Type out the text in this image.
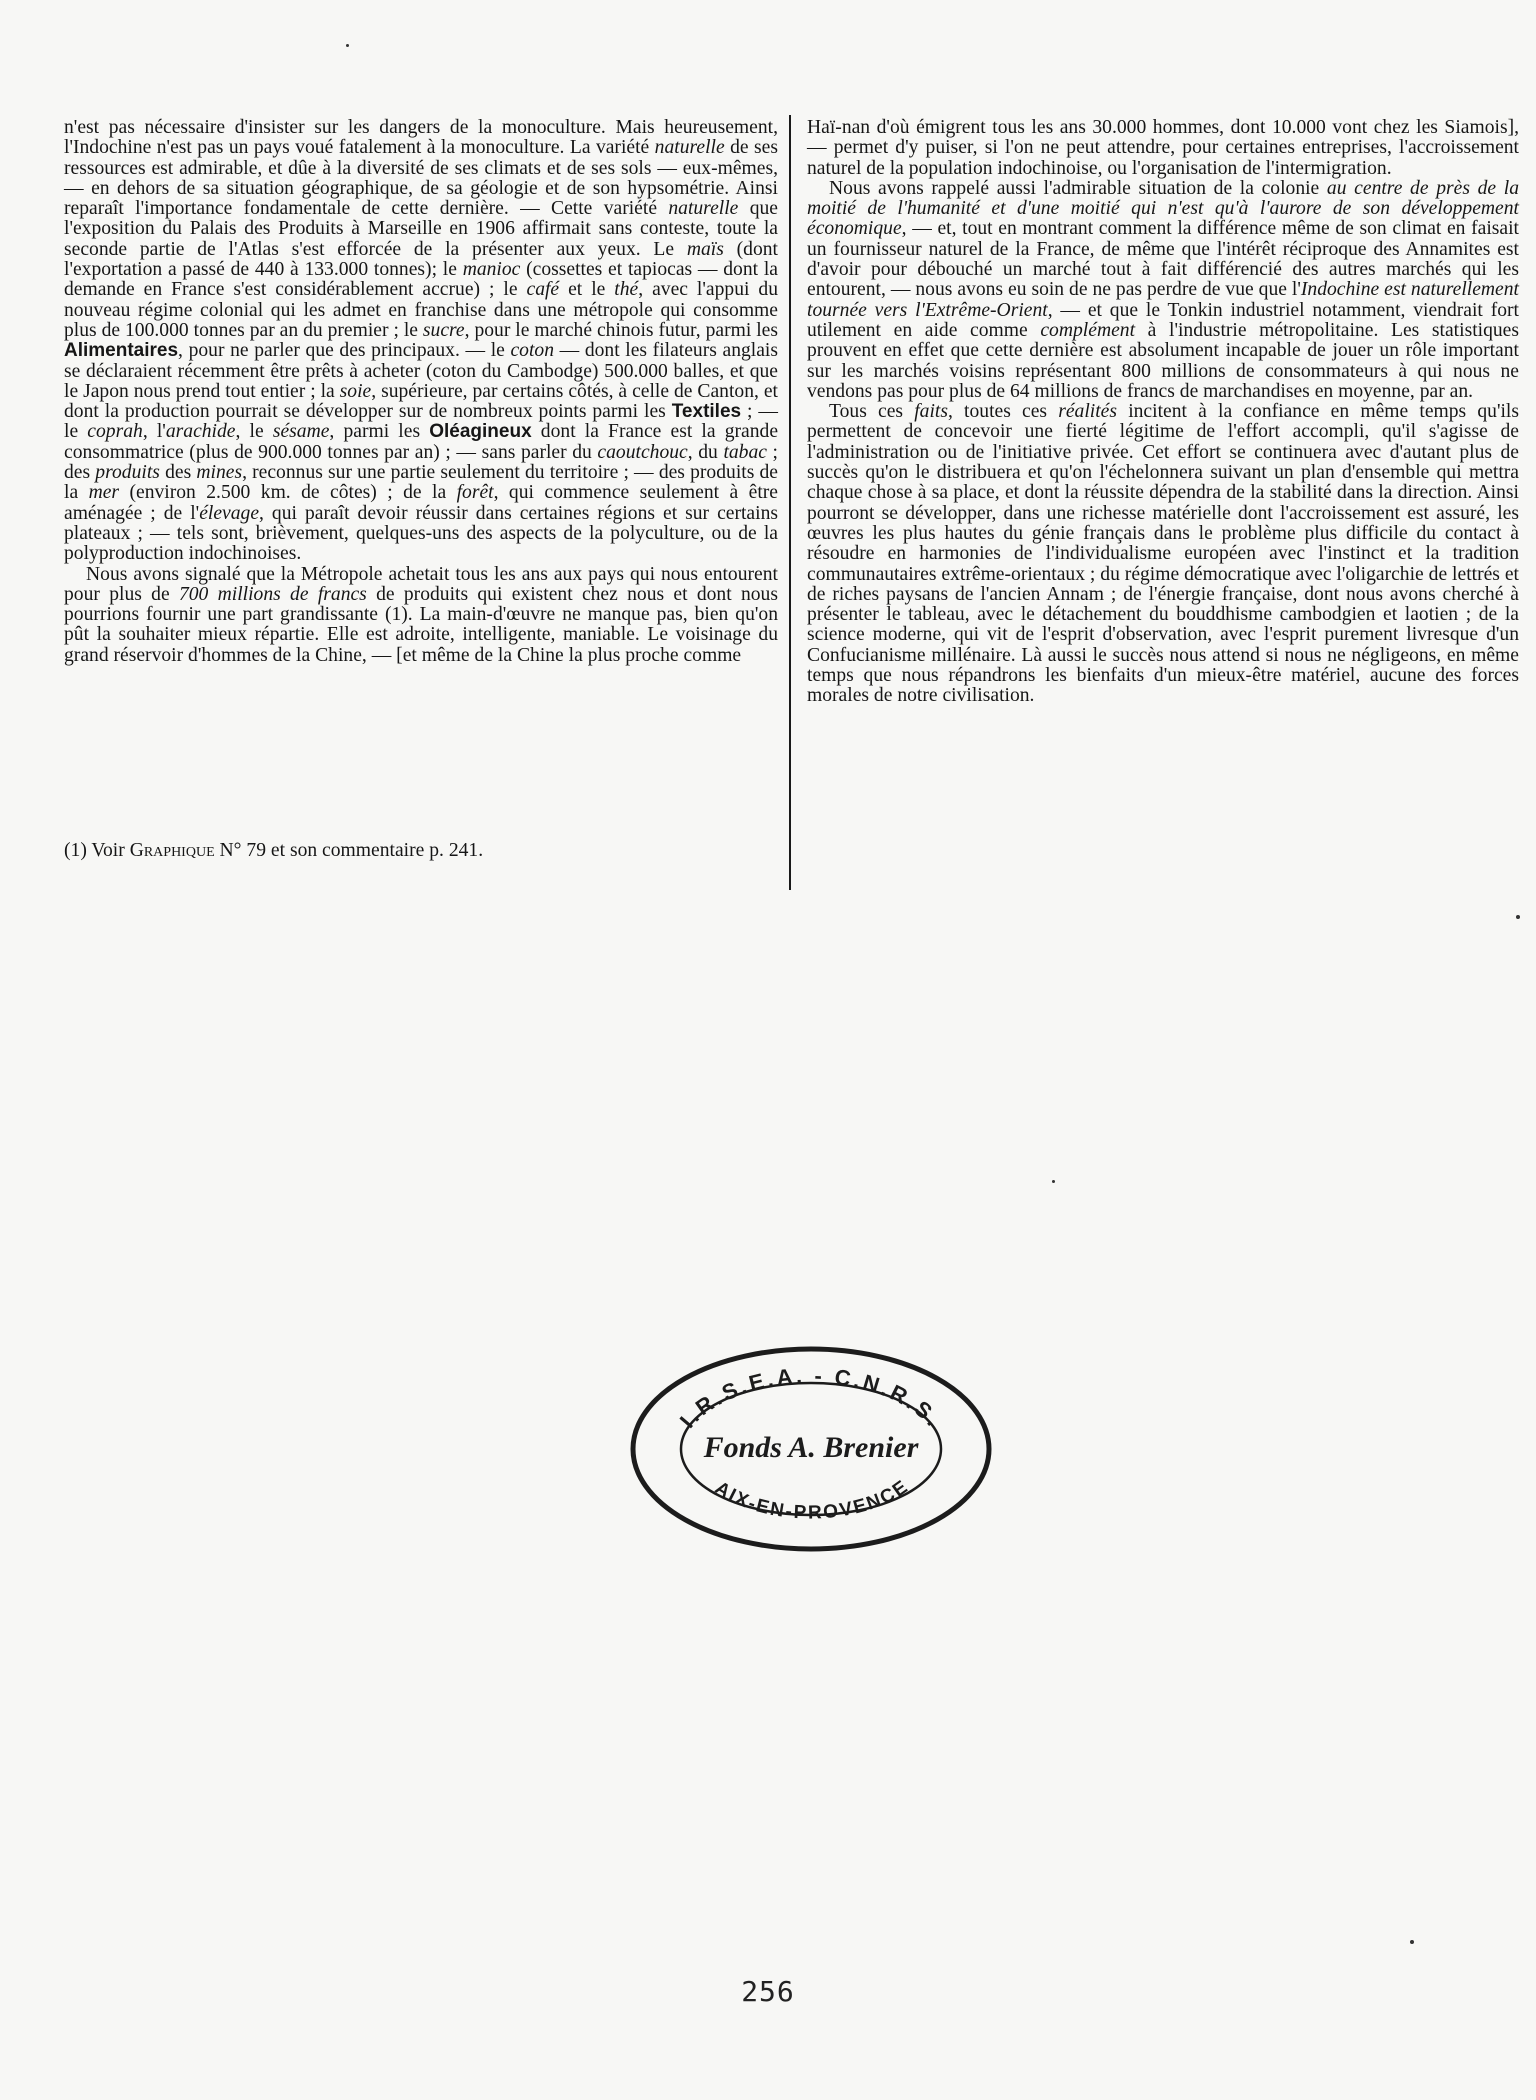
n'est pas nécessaire d'insister sur les dangers de la monoculture. Mais heureusement, l'Indochine n'est pas un pays voué fatalement à la monoculture. La variété naturelle de ses ressources est admirable, et dûe à la diversité de ses climats et de ses sols — eux-mêmes, — en dehors de sa situation géographique, de sa géologie et de son hypsométrie. Ainsi reparaît l'importance fondamentale de cette dernière. — Cette variété naturelle que l'exposition du Palais des Produits à Marseille en 1906 affirmait sans conteste, toute la seconde partie de l'Atlas s'est efforcée de la présenter aux yeux. Le maïs (dont l'exportation a passé de 440 à 133.000 tonnes); le manioc (cossettes et tapiocas — dont la demande en France s'est considérablement accrue) ; le café et le thé, avec l'appui du nouveau régime colonial qui les admet en franchise dans une métropole qui consomme plus de 100.000 tonnes par an du premier ; le sucre, pour le marché chinois futur, parmi les Alimentaires, pour ne parler que des principaux. — le coton — dont les filateurs anglais se déclaraient récemment être prêts à acheter (coton du Cambodge) 500.000 balles, et que le Japon nous prend tout entier ; la soie, supérieure, par certains côtés, à celle de Canton, et dont la production pourrait se développer sur de nombreux points parmi les Textiles ; — le coprah, l'arachide, le sésame, parmi les Oléagineux dont la France est la grande consommatrice (plus de 900.000 tonnes par an) ; — sans parler du caoutchouc, du tabac ; des produits des mines, reconnus sur une partie seulement du territoire ; — des produits de la mer (environ 2.500 km. de côtes) ; de la forêt, qui commence seulement à être aménagée ; de l'élevage, qui paraît devoir réussir dans certaines régions et sur certains plateaux ; — tels sont, brièvement, quelques-uns des aspects de la polyculture, ou de la polyproduction indochinoises.

Nous avons signalé que la Métropole achetait tous les ans aux pays qui nous entourent pour plus de 700 millions de francs de produits qui existent chez nous et dont nous pourrions fournir une part grandissante (1). La main-d'œuvre ne manque pas, bien qu'on pût la souhaiter mieux répartie. Elle est adroite, intelligente, maniable. Le voisinage du grand réservoir d'hommes de la Chine, — [et même de la Chine la plus proche comme

(1) Voir Graphique N° 79 et son commentaire p. 241.

Haï-nan d'où émigrent tous les ans 30.000 hommes, dont 10.000 vont chez les Siamois], — permet d'y puiser, si l'on ne peut attendre, pour certaines entreprises, l'accroissement naturel de la population indochinoise, ou l'organisation de l'intermigration.

Nous avons rappelé aussi l'admirable situation de la colonie au centre de près de la moitié de l'humanité et d'une moitié qui n'est qu'à l'aurore de son développement économique, — et, tout en montrant comment la différence même de son climat en faisait un fournisseur naturel de la France, de même que l'intérêt réciproque des Annamites est d'avoir pour débouché un marché tout à fait différencié des autres marchés qui les entourent, — nous avons eu soin de ne pas perdre de vue que l'Indochine est naturellement tournée vers l'Extrême-Orient, — et que le Tonkin industriel notamment, viendrait fort utilement en aide comme complément à l'industrie métropolitaine. Les statistiques prouvent en effet que cette dernière est absolument incapable de jouer un rôle important sur les marchés voisins représentant 800 millions de consommateurs à qui nous ne vendons pas pour plus de 64 millions de francs de marchandises en moyenne, par an.

Tous ces faits, toutes ces réalités incitent à la confiance en même temps qu'ils permettent de concevoir une fierté légitime de l'effort accompli, qu'il s'agisse de l'administration ou de l'initiative privée. Cet effort se continuera avec d'autant plus de succès qu'on le distribuera et qu'on l'échelonnera suivant un plan d'ensemble qui mettra chaque chose à sa place, et dont la réussite dépendra de la stabilité dans la direction. Ainsi pourront se développer, dans une richesse matérielle dont l'accroissement est assuré, les œuvres les plus hautes du génie français dans le problème plus difficile du contact à résoudre en harmonies de l'individualisme européen avec l'instinct et la tradition communautaires extrême-orientaux ; du régime démocratique avec l'oligarchie de lettrés et de riches paysans de l'ancien Annam ; de l'énergie française, dont nous avons cherché à présenter le tableau, avec le détachement du bouddhisme cambodgien et laotien ; de la science moderne, qui vit de l'esprit d'observation, avec l'esprit purement livresque d'un Confucianisme millénaire. Là aussi le succès nous attend si nous ne négligeons, en même temps que nous répandrons les bienfaits d'un mieux-être matériel, aucune des forces morales de notre civilisation.

I.R.S.E.A. - C.N.R.S.
Fonds A. Brenier
AIX-EN-PROVENCE
256
